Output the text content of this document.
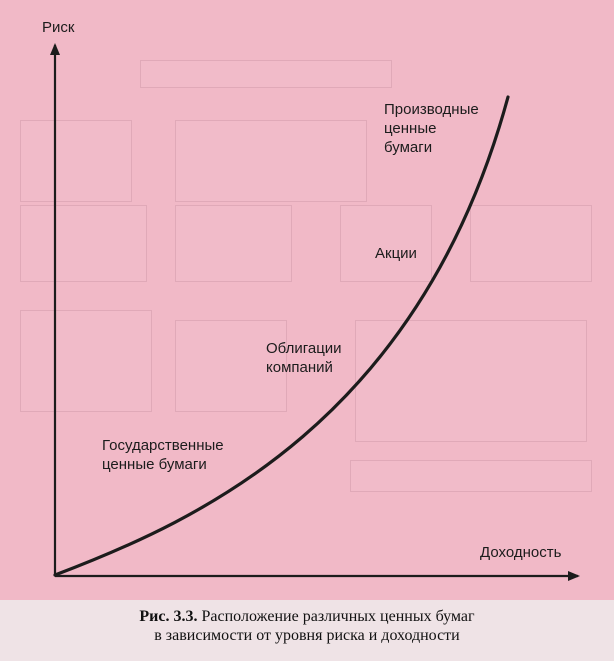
Риск
Доходность
Производные
ценные
бумаги
Акции
Облигации
компаний
Государственные
ценные бумаги
Рис. 3.3. Расположение различных ценных бумаг
в зависимости от уровня риска и доходности
